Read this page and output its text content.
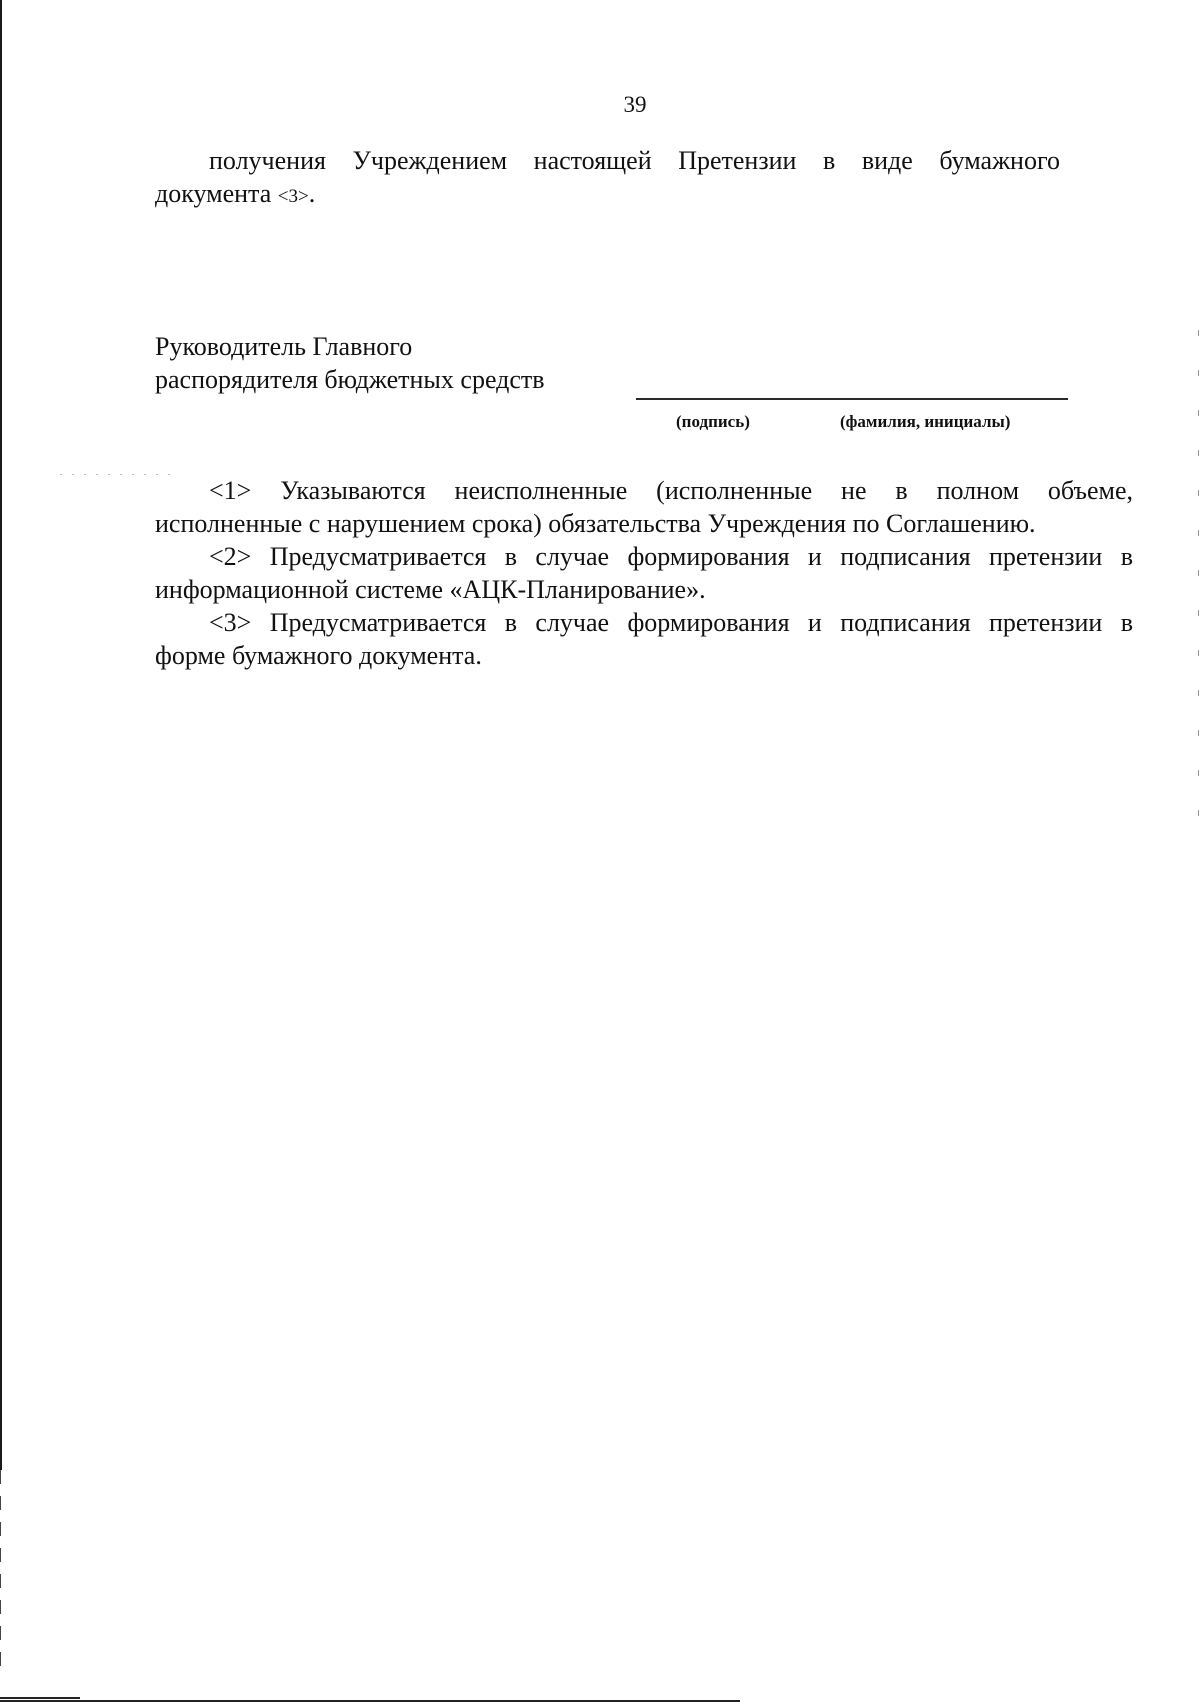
39
получения Учреждением настоящей Претензии в виде бумажного
документа <3>.
Руководитель Главного
распорядителя бюджетных средств
(подпись)	(фамилия, инициалы)

<1> Указываются неисполненные (исполненные не в полном объеме,
исполненные с нарушением срока) обязательства Учреждения по Соглашению.

<2> Предусматривается в случае формирования и подписания претензии в
информационной системе «АЦК-Планирование».

<3> Предусматривается в случае формирования и подписания претензии в
форме бумажного документа.
